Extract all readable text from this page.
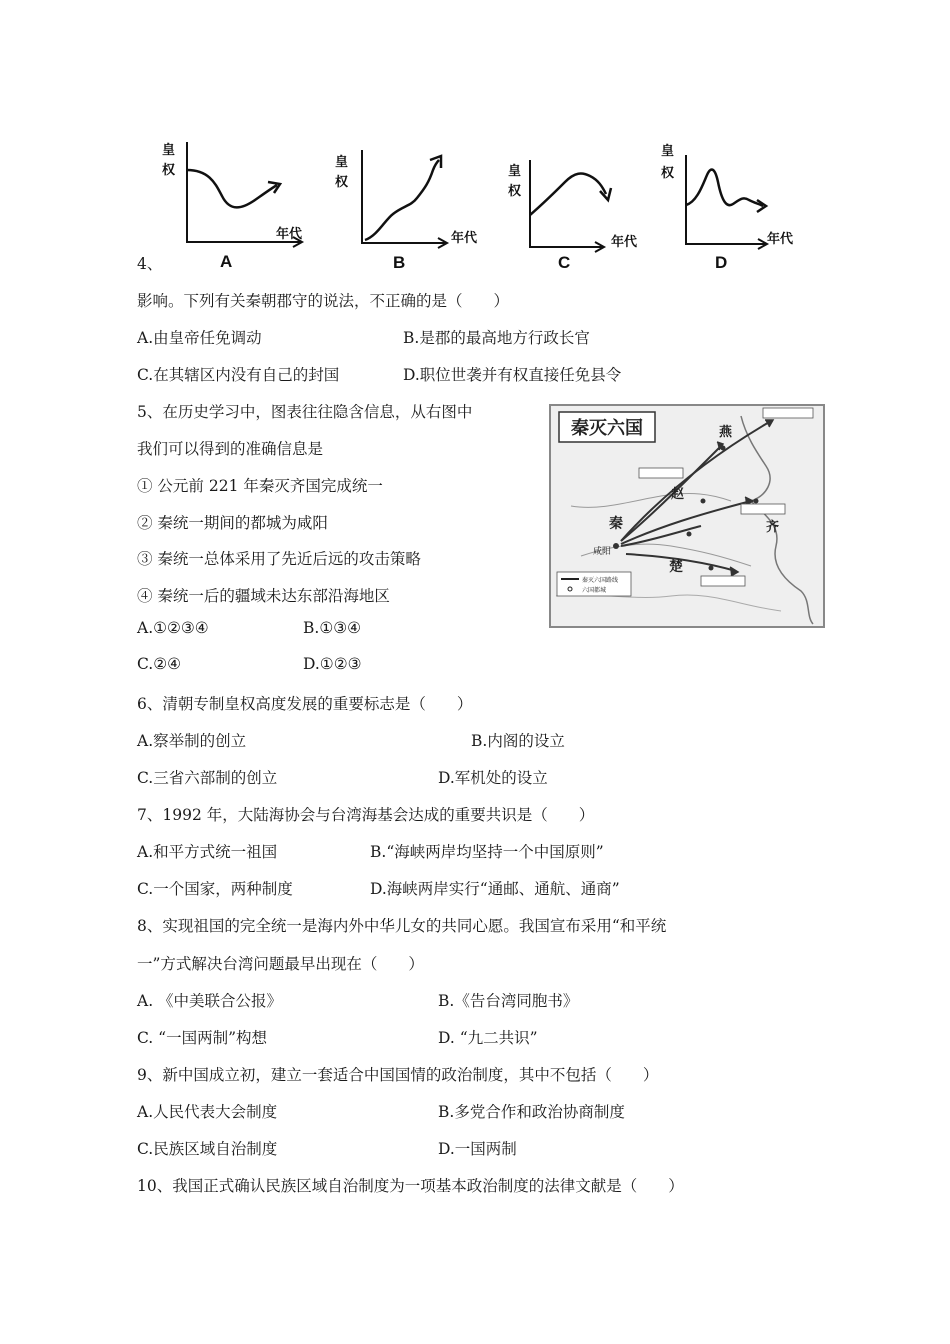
皇
权
年代
A
皇
权
年代
B
皇
权
年代
C
皇
权
年代
D
4、
影响。下列有关秦朝郡守的说法，不正确的是（　　）
A.由皇帝任免调动	B.是郡的最高地方行政长官
C.在其辖区内没有自己的封国	D.职位世袭并有权直接任免县令
5、在历史学习中，图表往往隐含信息，从右图中
我们可以得到的准确信息是
① 公元前 221 年秦灭齐国完成统一
② 秦统一期间的都城为咸阳
③ 秦统一总体采用了先近后远的攻击策略
④ 秦统一后的疆域未达东部沿海地区
A.①②③④	B.①③④
C.②④	D.①②③
秦灭六国	燕
赵
秦	齐
楚
咸阳
秦灭六国路线
六国都城
6、清朝专制皇权高度发展的重要标志是（　　）
A.察举制的创立	B.内阁的设立
C.三省六部制的创立	D.军机处的设立
7、1992 年，大陆海协会与台湾海基会达成的重要共识是（　　）
A.和平方式统一祖国	B.“海峡两岸均坚持一个中国原则”
C.一个国家，两种制度	D.海峡两岸实行“通邮、通航、通商”
8、实现祖国的完全统一是海内外中华儿女的共同心愿。我国宣布采用“和平统
一”方式解决台湾问题最早出现在（　　）
A. 《中美联合公报》	B.《告台湾同胞书》
C. “一国两制”构想	D. “九二共识”
9、新中国成立初，建立一套适合中国国情的政治制度，其中不包括（　　）
A.人民代表大会制度	B.多党合作和政治协商制度
C.民族区域自治制度	D.一国两制
10、我国正式确认民族区域自治制度为一项基本政治制度的法律文献是（　　）
